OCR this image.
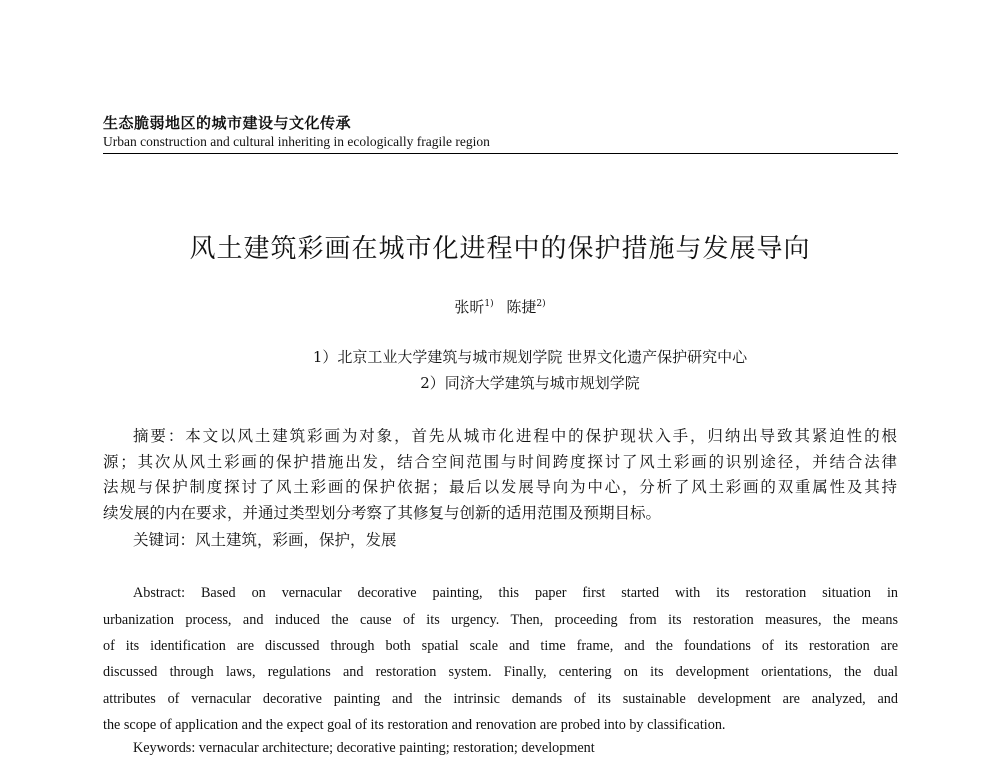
生态脆弱地区的城市建设与文化传承
Urban construction and cultural inheriting in ecologically fragile region
风土建筑彩画在城市化进程中的保护措施与发展导向
张昕$^{1)}$ 陈捷$^{2)}$
1）北京工业大学建筑与城市规划学院 世界文化遗产保护研究中心
2）同济大学建筑与城市规划学院
摘要：本文以风土建筑彩画为对象，首先从城市化进程中的保护现状入手，归纳出导致其紧迫性的根
源；其次从风土彩画的保护措施出发，结合空间范围与时间跨度探讨了风土彩画的识别途径，并结合法律
法规与保护制度探讨了风土彩画的保护依据；最后以发展导向为中心，分析了风土彩画的双重属性及其持
续发展的内在要求，并通过类型划分考察了其修复与创新的适用范围及预期目标。
关键词：风土建筑，彩画，保护，发展
Abstract: Based on vernacular decorative painting, this paper first started with its restoration situation in
urbanization process, and induced the cause of its urgency. Then, proceeding from its restoration measures, the means
of its identification are discussed through both spatial scale and time frame, and the foundations of its restoration are
discussed through laws, regulations and restoration system. Finally, centering on its development orientations, the dual
attributes of vernacular decorative painting and the intrinsic demands of its sustainable development are analyzed, and
the scope of application and the expect goal of its restoration and renovation are probed into by classification.
Keywords: vernacular architecture; decorative painting; restoration; development
